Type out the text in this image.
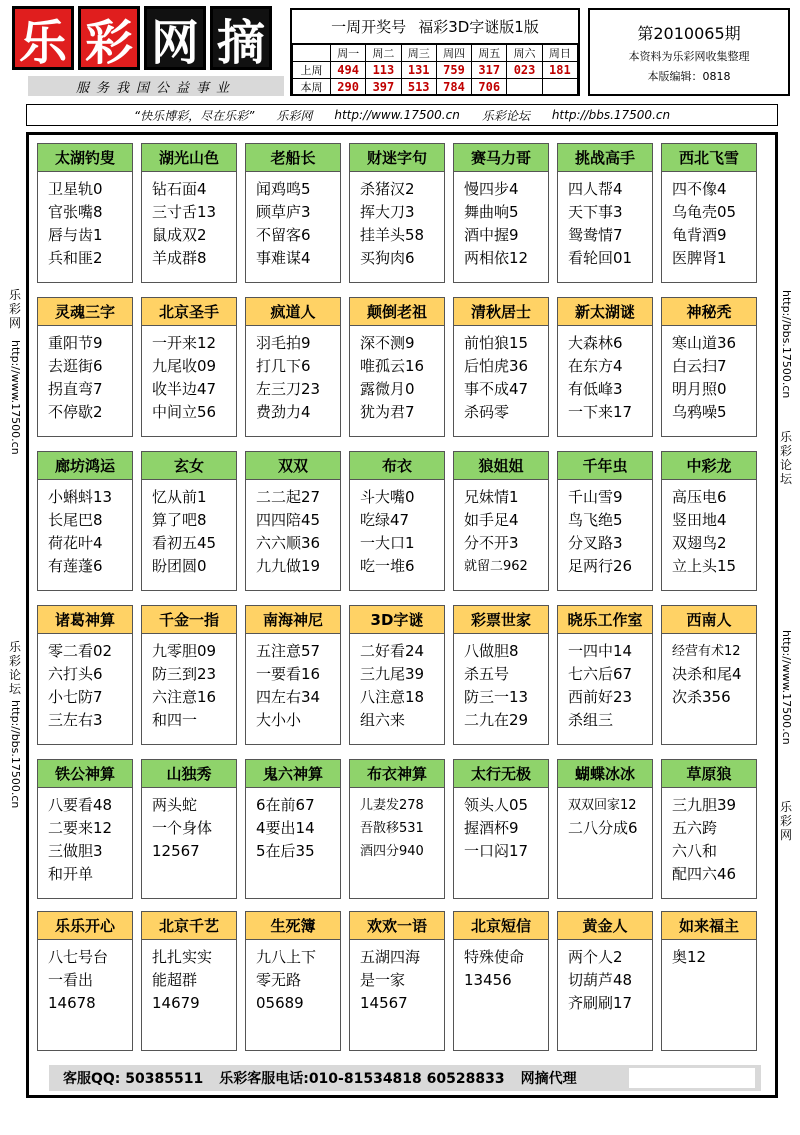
乐 彩 网 摘
服务我国公益事业
一周开奖号 福彩3D字谜版1版
	周一	周二	周三	周四	周五	周六	周日
上周	494	113	131	759	317	023	181
本周	290	397	513	784	706		
第2010065期
本资料为乐彩网收集整理
本版编辑：0818
“快乐博彩，尽在乐彩” 乐彩网 http://www.17500.cn 乐彩论坛 http://bbs.17500.cn
乐彩网
http://www.17500.cn
乐彩论坛
http://bbs.17500.cn
http://bbs.17500.cn
乐彩论坛
http://www.17500.cn
乐彩网
太湖钓叟
卫星轨0
官张嘴8
唇与齿1
兵和匪2
湖光山色
钻石面4
三寸舌13
鼠成双2
羊成群8
老船长
闻鸡鸣5
顾草庐3
不留客6
事难谋4
财迷字句
杀猪汉2
挥大刀3
挂羊头58
买狗肉6
赛马力哥
慢四步4
舞曲响5
酒中握9
两相依12
挑战高手
四人帮4
天下事3
鸳鸯情7
看轮回01
西北飞雪
四不像4
乌龟壳05
龟背酒9
医脾肾1
灵魂三字
重阳节9
去逛街6
拐直弯7
不停歇2
北京圣手
一开来12
九尾收09
收半边47
中间立56
疯道人
羽毛拍9
打几下6
左三刀23
费劲力4
颠倒老祖
深不测9
唯孤云16
露微月0
犹为君7
清秋居士
前怕狼15
后怕虎36
事不成47
杀码零
新太湖谜
大森林6
在东方4
有低峰3
一下来17
神秘秃
寒山道36
白云扫7
明月照0
乌鸦噪5
廊坊鸿运
小蝌蚪13
长尾巴8
荷花叶4
有莲蓬6
玄女
忆从前1
算了吧8
看初五45
盼团圆0
双双
二二起27
四四陪45
六六顺36
九九做19
布衣
斗大嘴0
吃绿47
一大口1
吃一堆6
狼姐姐
兄妹情1
如手足4
分不开3
就留二962
千年虫
千山雪9
鸟飞绝5
分叉路3
足两行26
中彩龙
高压电6
竖田地4
双翅鸟2
立上头15
诸葛神算
零二看02
六打头6
小七防7
三左右3
千金一指
九零胆09
防三到23
六注意16
和四一
南海神尼
五注意57
一要看16
四左右34
大小小
3D字谜
二好看24
三九尾39
八注意18
组六来
彩票世家
八做胆8
杀五号
防三一13
二九在29
晓乐工作室
一四中14
七六后67
西前好23
杀组三
西南人
经营有术12
决杀和尾4
次杀356
铁公神算
八要看48
二要来12
三做胆3
和开单
山独秀
两头蛇
一个身体
12567
鬼六神算
6在前67
4要出14
5在后35
布衣神算
儿妻发278
吾散移531
酒四分940
太行无极
领头人05
握酒杯9
一口闷17
蝴蝶冰冰
双双回家12
二八分成6
草原狼
三九胆39
五六跨
六八和
配四六46
乐乐开心
八七号台
一看出
14678
北京千艺
扎扎实实
能超群
14679
生死簿
九八上下
零无路
05689
欢欢一语
五湖四海
是一家
14567
北京短信
特殊使命
13456
黄金人
两个人2
切葫芦48
齐刷刷17
如来福主
奥12
客服QQ: 50385511 乐彩客服电话:010-81534818 60528833 网摘代理
